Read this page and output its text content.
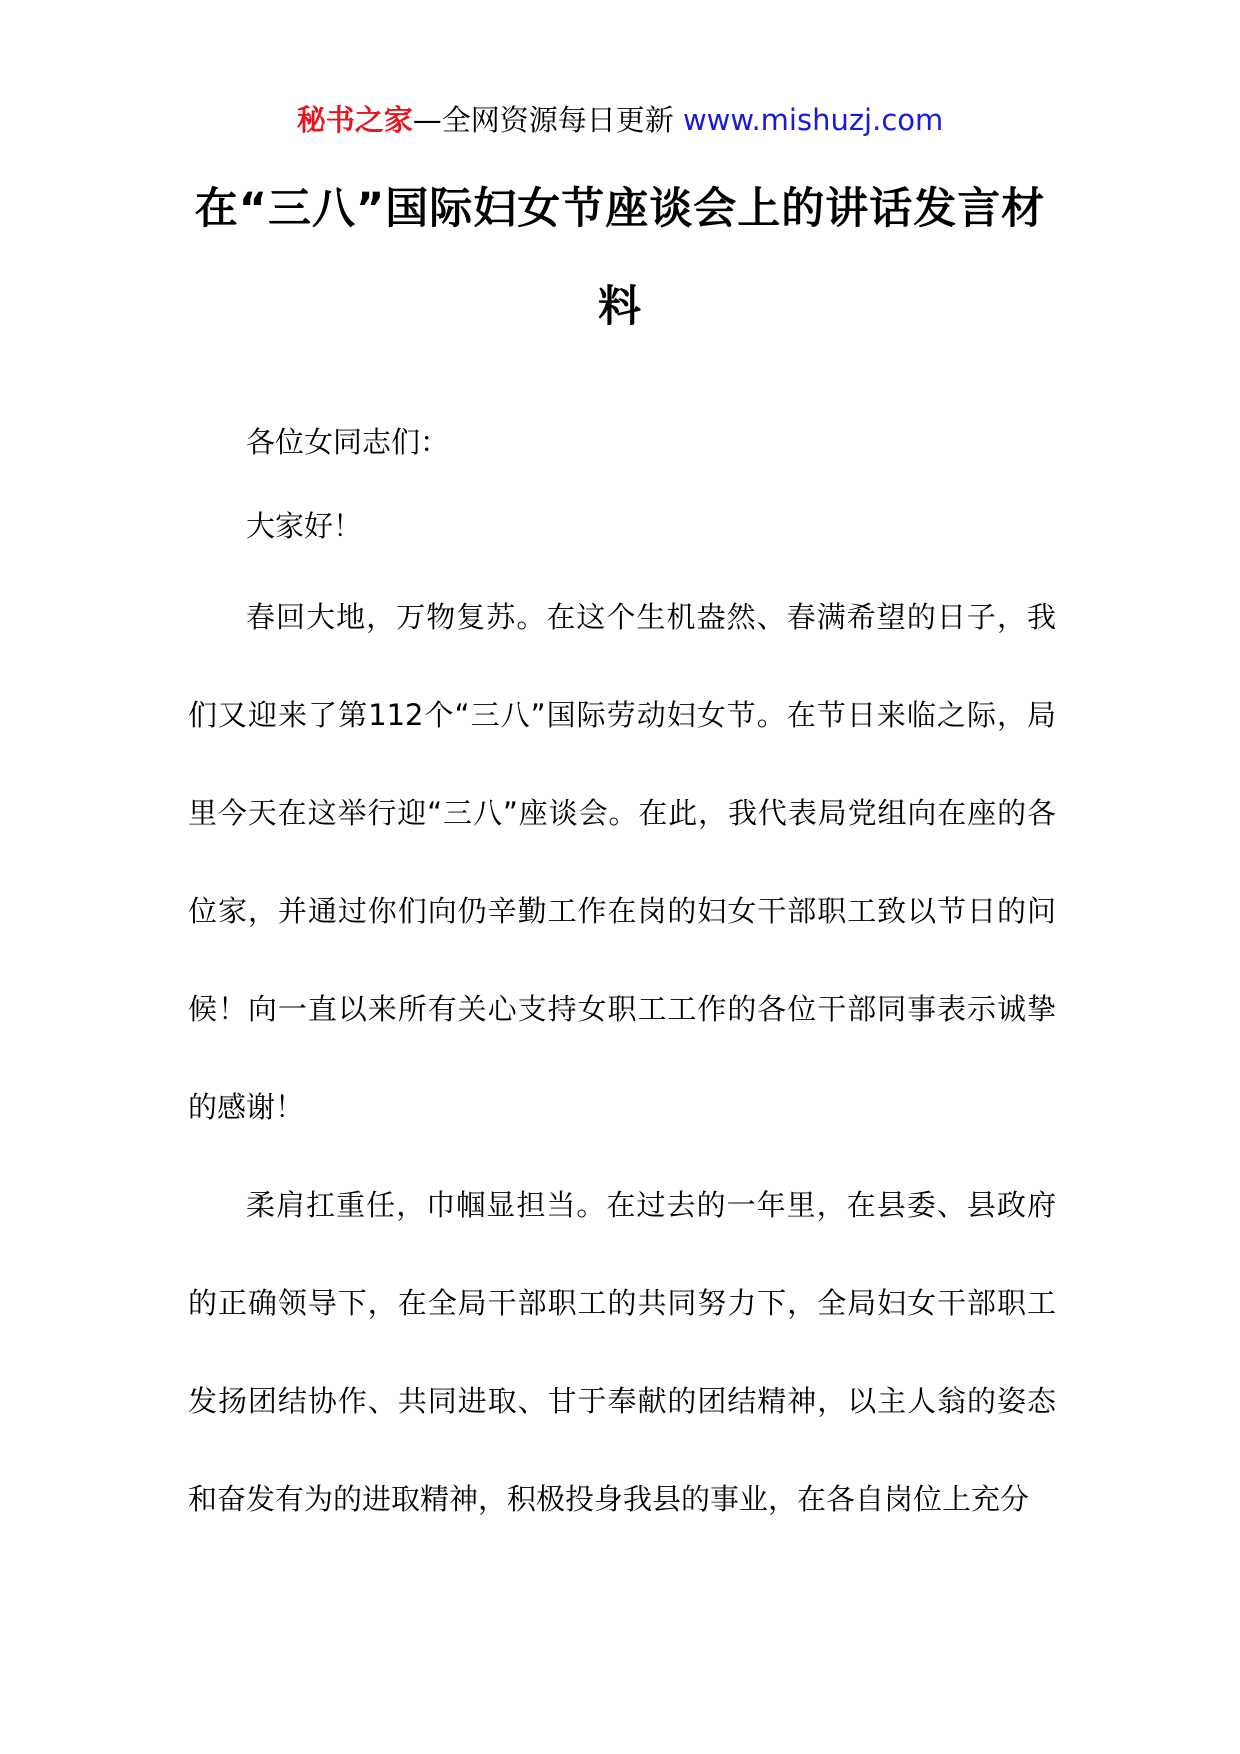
秘书之家—全网资源每日更新 www.mishuzj.com
在“三八”国际妇女节座谈会上的讲话发言材料

各位女同志们：

大家好！

春回大地，万物复苏。在这个生机盎然、春满希望的日子，我们又迎来了第112个“三八”国际劳动妇女节。在节日来临之际，局里今天在这举行迎“三八”座谈会。在此，我代表局党组向在座的各位家，并通过你们向仍辛勤工作在岗的妇女干部职工致以节日的问候！向一直以来所有关心支持女职工工作的各位干部同事表示诚挚的感谢！

柔肩扛重任，巾帼显担当。在过去的一年里，在县委、县政府的正确领导下，在全局干部职工的共同努力下，全局妇女干部职工发扬团结协作、共同进取、甘于奉献的团结精神，以主人翁的姿态和奋发有为的进取精神，积极投身我县的事业，在各自岗位上充分
